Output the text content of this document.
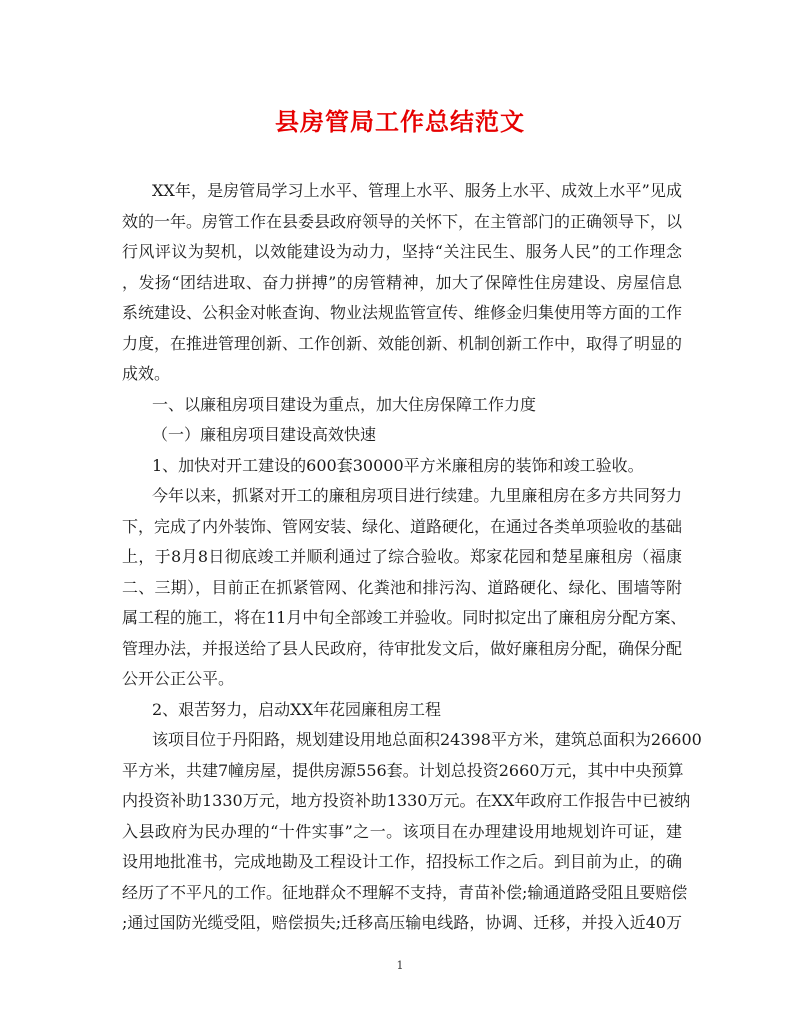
县房管局工作总结范文
XX年，是房管局学习上水平、管理上水平、服务上水平、成效上水平”见成
效的一年。房管工作在县委县政府领导的关怀下，在主管部门的正确领导下，以
行风评议为契机，以效能建设为动力，坚持“关注民生、服务人民”的工作理念
，发扬“团结进取、奋力拼搏”的房管精神，加大了保障性住房建设、房屋信息
系统建设、公积金对帐查询、物业法规监管宣传、维修金归集使用等方面的工作
力度，在推进管理创新、工作创新、效能创新、机制创新工作中，取得了明显的
成效。
一、以廉租房项目建设为重点，加大住房保障工作力度
（一）廉租房项目建设高效快速
1、加快对开工建设的600套30000平方米廉租房的装饰和竣工验收。
今年以来，抓紧对开工的廉租房项目进行续建。九里廉租房在多方共同努力
下，完成了内外装饰、管网安装、绿化、道路硬化，在通过各类单项验收的基础
上，于8月8日彻底竣工并顺利通过了综合验收。郑家花园和楚星廉租房（福康
二、三期），目前正在抓紧管网、化粪池和排污沟、道路硬化、绿化、围墙等附
属工程的施工，将在11月中旬全部竣工并验收。同时拟定出了廉租房分配方案、
管理办法，并报送给了县人民政府，待审批发文后，做好廉租房分配，确保分配
公开公正公平。
2、艰苦努力，启动XX年花园廉租房工程
该项目位于丹阳路，规划建设用地总面积24398平方米，建筑总面积为26600
平方米，共建7幢房屋，提供房源556套。计划总投资2660万元，其中中央预算
内投资补助1330万元，地方投资补助1330万元。在XX年政府工作报告中已被纳
入县政府为民办理的“十件实事”之一。该项目在办理建设用地规划许可证，建
设用地批准书，完成地勘及工程设计工作，招投标工作之后。到目前为止，的确
经历了不平凡的工作。征地群众不理解不支持，青苗补偿;输通道路受阻且要赔偿
;通过国防光缆受阻，赔偿损失;迁移高压输电线路，协调、迁移，并投入近40万
1
